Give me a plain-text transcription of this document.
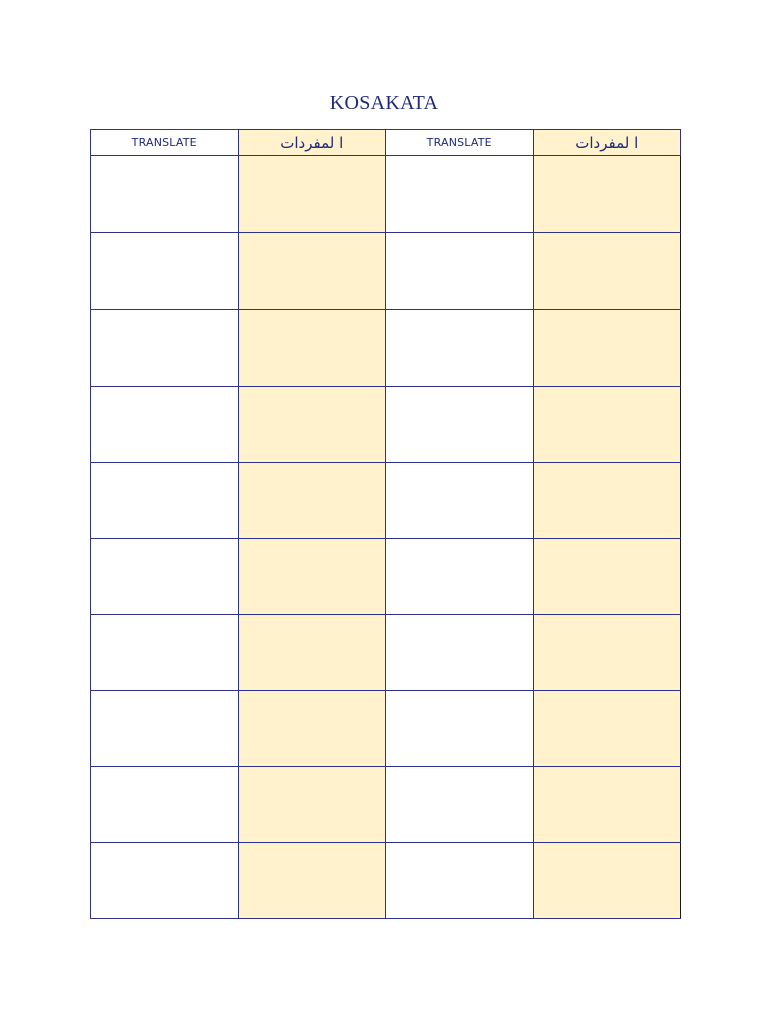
KOSAKATA
TRANSLATE	ا لمفردات	TRANSLATE	ا لمفردات
